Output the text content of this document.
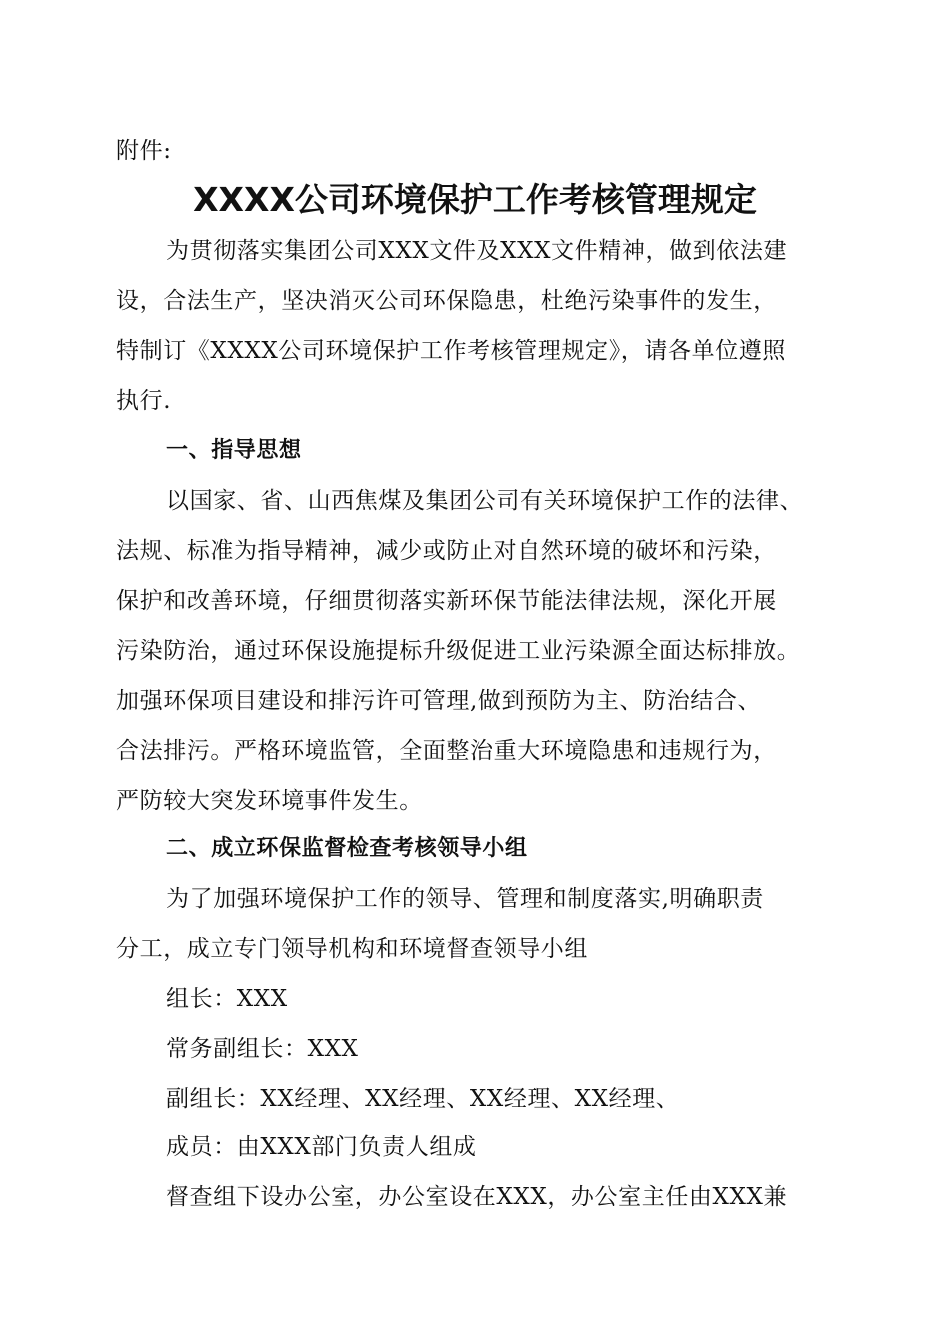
附件:
XXXX公司环境保护工作考核管理规定
为贯彻落实集团公司XXX文件及XXX文件精神，做到依法建
设，合法生产，坚决消灭公司环保隐患，杜绝污染事件的发生，
特制订《XXXX公司环境保护工作考核管理规定》，请各单位遵照
执行.
一、指导思想
以国家、省、山西焦煤及集团公司有关环境保护工作的法律、
法规、标准为指导精神，减少或防止对自然环境的破坏和污染，
保护和改善环境，仔细贯彻落实新环保节能法律法规，深化开展
污染防治，通过环保设施提标升级促进工业污染源全面达标排放。
加强环保项目建设和排污许可管理,做到预防为主、防治结合、
合法排污。严格环境监管，全面整治重大环境隐患和违规行为，
严防较大突发环境事件发生。
二、成立环保监督检查考核领导小组
为了加强环境保护工作的领导、管理和制度落实,明确职责
分工，成立专门领导机构和环境督查领导小组
组长：XXX
常务副组长：XXX
副组长：XX经理、XX经理、XX经理、XX经理、
成员：由XXX部门负责人组成
督查组下设办公室，办公室设在XXX，办公室主任由XXX兼
